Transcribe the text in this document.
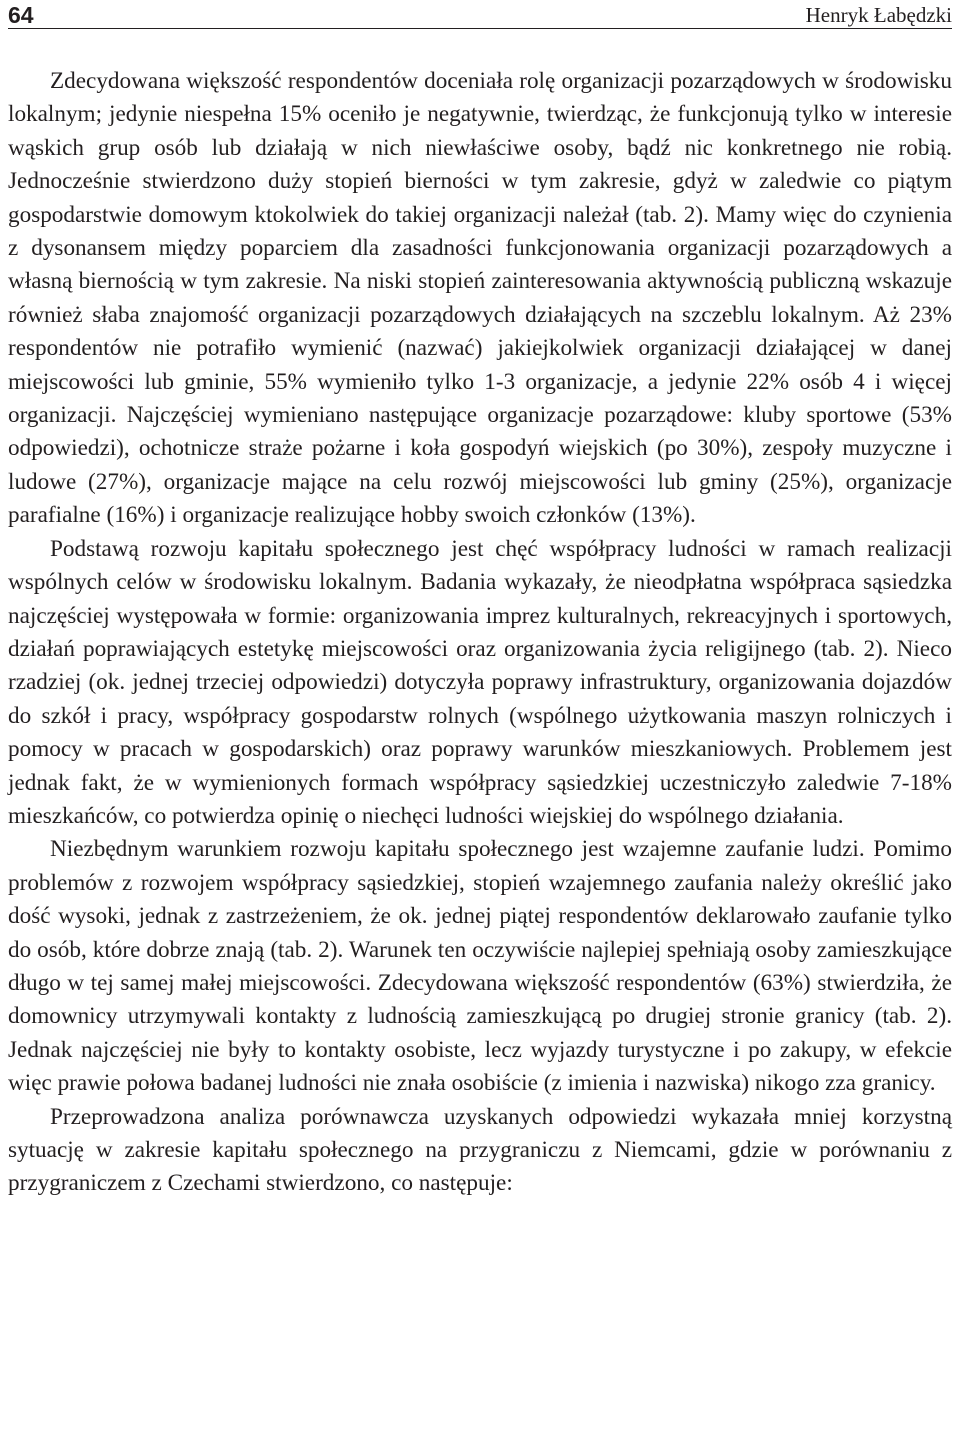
64	Henryk Łabędzki

Zdecydowana większość respondentów doceniała rolę organizacji pozarządowych w środowisku lokalnym; jedynie niespełna 15% oceniło je negatywnie, twierdząc, że funkcjonują tylko w interesie wąskich grup osób lub działają w nich niewłaściwe osoby, bądź nic konkretnego nie robią. Jednocześnie stwierdzono duży stopień bierności w tym zakresie, gdyż w zaledwie co piątym gospodarstwie domowym ktokolwiek do takiej organizacji należał (tab. 2). Mamy więc do czynienia z dysonansem między poparciem dla zasadności funkcjonowania organizacji pozarządowych a własną biernością w tym zakresie. Na niski stopień zainteresowania aktywnością publiczną wskazuje również słaba znajomość organizacji pozarządowych działających na szczeblu lokalnym. Aż 23% respondentów nie potrafiło wymienić (nazwać) jakiejkolwiek organizacji działającej w danej miejscowości lub gminie, 55% wymieniło tylko 1-3 organizacje, a jedynie 22% osób 4 i więcej organizacji. Najczęściej wymieniano następujące organizacje pozarządowe: kluby sportowe (53% odpowiedzi), ochotnicze straże pożarne i koła gospodyń wiejskich (po 30%), zespoły muzyczne i ludowe (27%), organizacje mające na celu rozwój miejscowości lub gminy (25%), organizacje parafialne (16%) i organizacje realizujące hobby swoich członków (13%).

Podstawą rozwoju kapitału społecznego jest chęć współpracy ludności w ramach realizacji wspólnych celów w środowisku lokalnym. Badania wykazały, że nieodpłatna współpraca sąsiedzka najczęściej występowała w formie: organizowania imprez kulturalnych, rekreacyjnych i sportowych, działań poprawiających estetykę miejscowości oraz organizowania życia religijnego (tab. 2). Nieco rzadziej (ok. jednej trzeciej odpowiedzi) dotyczyła poprawy infrastruktury, organizowania dojazdów do szkół i pracy, współpracy gospodarstw rolnych (wspólnego użytkowania maszyn rolniczych i pomocy w pracach w gospodarskich) oraz poprawy warunków mieszkaniowych. Problemem jest jednak fakt, że w wymienionych formach współpracy sąsiedzkiej uczestniczyło zaledwie 7-18% mieszkańców, co potwierdza opinię o niechęci ludności wiejskiej do wspólnego działania.

Niezbędnym warunkiem rozwoju kapitału społecznego jest wzajemne zaufanie ludzi. Pomimo problemów z rozwojem współpracy sąsiedzkiej, stopień wzajemnego zaufania należy określić jako dość wysoki, jednak z zastrzeżeniem, że ok. jednej piątej respondentów deklarowało zaufanie tylko do osób, które dobrze znają (tab. 2). Warunek ten oczywiście najlepiej spełniają osoby zamieszkujące długo w tej samej małej miejscowości. Zdecydowana większość respondentów (63%) stwierdziła, że domownicy utrzymywali kontakty z ludnością zamieszkującą po drugiej stronie granicy (tab. 2). Jednak najczęściej nie były to kontakty osobiste, lecz wyjazdy turystyczne i po zakupy, w efekcie więc prawie połowa badanej ludności nie znała osobiście (z imienia i nazwiska) nikogo zza granicy.

Przeprowadzona analiza porównawcza uzyskanych odpowiedzi wykazała mniej korzystną sytuację w zakresie kapitału społecznego na przygraniczu z Niemcami, gdzie w porównaniu z przygraniczem z Czechami stwierdzono, co następuje:
